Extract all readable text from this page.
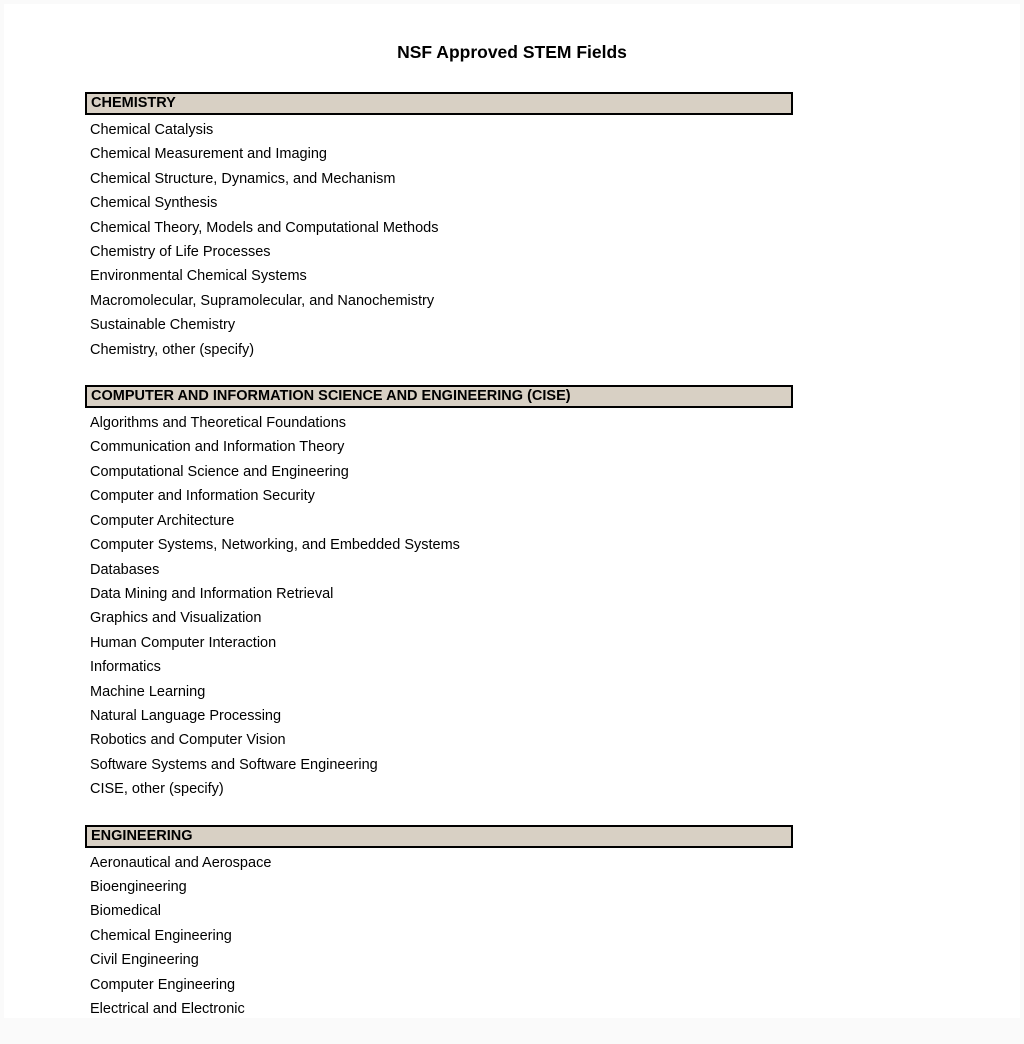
NSF Approved STEM Fields
CHEMISTRY
Chemical Catalysis
Chemical Measurement and Imaging
Chemical Structure, Dynamics, and Mechanism
Chemical Synthesis
Chemical Theory, Models and Computational Methods
Chemistry of Life Processes
Environmental Chemical Systems
Macromolecular, Supramolecular, and Nanochemistry
Sustainable Chemistry
Chemistry, other (specify)
COMPUTER AND INFORMATION SCIENCE AND ENGINEERING (CISE)
Algorithms and Theoretical Foundations
Communication and Information Theory
Computational Science and Engineering
Computer and Information Security
Computer Architecture
Computer Systems, Networking, and Embedded Systems
Databases
Data Mining and Information Retrieval
Graphics and Visualization
Human Computer Interaction
Informatics
Machine Learning
Natural Language Processing
Robotics and Computer Vision
Software Systems and Software Engineering
CISE, other (specify)
ENGINEERING
Aeronautical and Aerospace
Bioengineering
Biomedical
Chemical Engineering
Civil Engineering
Computer Engineering
Electrical and Electronic
